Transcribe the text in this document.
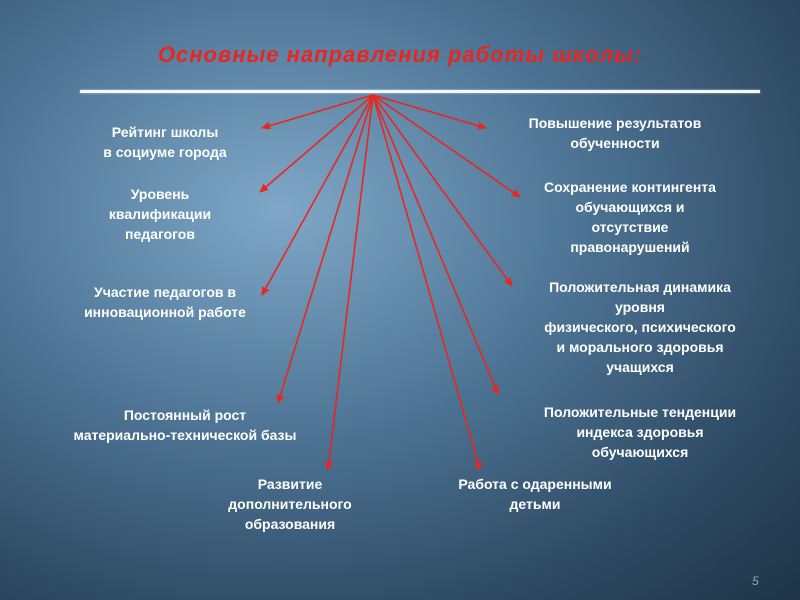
Основные направления работы школы:
Рейтинг школы
в социуме города
Уровень
квалификации
педагогов
Участие педагогов в
инновационной работе
Постоянный рост
материально-технической базы
Развитие
дополнительного
образования
Работа с одаренными
детьми
Положительные тенденции
индекса здоровья
обучающихся
Положительная динамика
уровня
физического, психического
и морального здоровья
учащихся
Сохранение контингента
обучающихся и
отсутствие
правонарушений
Повышение результатов
обученности
5
